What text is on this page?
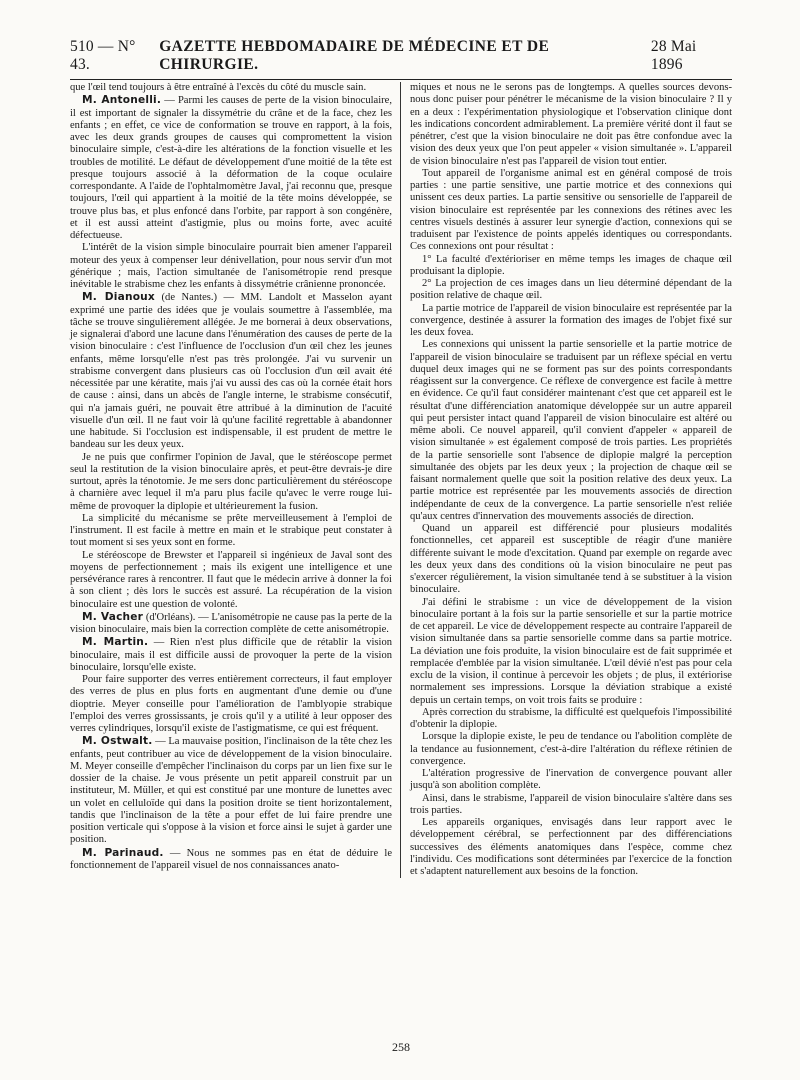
510 — N° 43.
GAZETTE HEBDOMADAIRE DE MÉDECINE ET DE CHIRURGIE.
28 Mai 1896

que l'œil tend toujours à être entraîné à l'excès du côté du muscle sain.

M. Antonelli. — Parmi les causes de perte de la vision binoculaire, il est important de signaler la dissymétrie du crâne et de la face, chez les enfants ; en effet, ce vice de conformation se trouve en rapport, à la fois, avec les deux grands groupes de causes qui compromettent la vision binoculaire simple, c'est-à-dire les altérations de la fonction visuelle et les troubles de motilité. Le défaut de développement d'une moitié de la tête est presque toujours associé à la déformation de la coque oculaire correspondante. A l'aide de l'ophtalmomètre Javal, j'ai reconnu que, presque toujours, l'œil qui appartient à la moitié de la tête moins développée, se trouve plus bas, et plus enfoncé dans l'orbite, par rapport à son congénère, et il est aussi atteint d'astigmie, plus ou moins forte, avec acuité défectueuse.

L'intérêt de la vision simple binoculaire pourrait bien amener l'appareil moteur des yeux à compenser leur dénivellation, pour nous servir d'un mot générique ; mais, l'action simultanée de l'anisométropie rend presque inévitable le strabisme chez les enfants à dissymétrie crânienne prononcée.

M. Dianoux (de Nantes.) — MM. Landolt et Masselon ayant exprimé une partie des idées que je voulais soumettre à l'assemblée, ma tâche se trouve singulièrement allégée. Je me bornerai à deux observations, je signalerai d'abord une lacune dans l'énumération des causes de perte de la vision binoculaire : c'est l'influence de l'occlusion d'un œil chez les jeunes enfants, même lorsqu'elle n'est pas très prolongée. J'ai vu survenir un strabisme convergent dans plusieurs cas où l'occlusion d'un œil avait été nécessitée par une kératite, mais j'ai vu aussi des cas où la cornée était hors de cause : ainsi, dans un abcès de l'angle interne, le strabisme consécutif, qui n'a jamais guéri, ne pouvait être attribué à la diminution de l'acuité visuelle d'un œil. Il ne faut voir là qu'une facilité regrettable à abandonner une habitude. Si l'occlusion est indispensable, il est prudent de mettre le bandeau sur les deux yeux.

Je ne puis que confirmer l'opinion de Javal, que le stéréoscope permet seul la restitution de la vision binoculaire après, et peut-être devrais-je dire surtout, après la ténotomie. Je me sers donc particulièrement du stéréoscope à charnière avec lequel il m'a paru plus facile qu'avec le verre rouge lui-même de provoquer la diplopie et ultérieurement la fusion.

La simplicité du mécanisme se prête merveilleusement à l'emploi de l'instrument. Il est facile à mettre en main et le strabique peut constater à tout moment si ses yeux sont en forme.

Le stéréoscope de Brewster et l'appareil si ingénieux de Javal sont des moyens de perfectionnement ; mais ils exigent une intelligence et une persévérance rares à rencontrer. Il faut que le médecin arrive à donner la foi à son client ; dès lors le succès est assuré. La récupération de la vision binoculaire est une question de volonté.

M. Vacher (d'Orléans). — L'anisométropie ne cause pas la perte de la vision binoculaire, mais bien la correction complète de cette anisométropie.

M. Martin. — Rien n'est plus difficile que de rétablir la vision binoculaire, mais il est difficile aussi de provoquer la perte de la vision binoculaire, lorsqu'elle existe.

Pour faire supporter des verres entièrement correcteurs, il faut employer des verres de plus en plus forts en augmentant d'une demie ou d'une dioptrie. Meyer conseille pour l'amélioration de l'amblyopie strabique l'emploi des verres grossissants, je crois qu'il y a utilité à leur opposer des verres cylindriques, lorsqu'il existe de l'astigmatisme, ce qui est fréquent.

M. Ostwalt. — La mauvaise position, l'inclinaison de la tête chez les enfants, peut contribuer au vice de développement de la vision binoculaire. M. Meyer conseille d'empêcher l'inclinaison du corps par un lien fixe sur le dossier de la chaise. Je vous présente un petit appareil construit par un instituteur, M. Müller, et qui est constitué par une monture de lunettes avec un volet en celluloïde qui dans la position droite se tient horizontalement, tandis que l'inclinaison de la tête a pour effet de lui faire prendre une position verticale qui s'oppose à la vision et force ainsi le sujet à garder une position.

M. Parinaud. — Nous ne sommes pas en état de déduire le fonctionnement de l'appareil visuel de nos connaissances anato-

miques et nous ne le serons pas de longtemps. A quelles sources devons-nous donc puiser pour pénétrer le mécanisme de la vision binoculaire ? Il y en a deux : l'expérimentation physiologique et l'observation clinique dont les indications concordent admirablement. La première vérité dont il faut se pénétrer, c'est que la vision binoculaire ne doit pas être confondue avec la vision des deux yeux que l'on peut appeler « vision simultanée ». L'appareil de vision binoculaire n'est pas l'appareil de vision tout entier.

Tout appareil de l'organisme animal est en général composé de trois parties : une partie sensitive, une partie motrice et des connexions qui unissent ces deux parties. La partie sensitive ou sensorielle de l'appareil de vision binoculaire est représentée par les connexions des rétines avec les centres visuels destinés à assurer leur synergie d'action, connexions qui se traduisent par l'existence de points appelés identiques ou correspondants. Ces connexions ont pour résultat :

1° La faculté d'extérioriser en même temps les images de chaque œil produisant la diplopie.

2° La projection de ces images dans un lieu déterminé dépendant de la position relative de chaque œil.

La partie motrice de l'appareil de vision binoculaire est représentée par la convergence, destinée à assurer la formation des images de l'objet fixé sur les deux fovea.

Les connexions qui unissent la partie sensorielle et la partie motrice de l'appareil de vision binoculaire se traduisent par un réflexe spécial en vertu duquel deux images qui ne se forment pas sur des points correspondants réagissent sur la convergence. Ce réflexe de convergence est facile à mettre en évidence. Ce qu'il faut considérer maintenant c'est que cet appareil est le résultat d'une différenciation anatomique développée sur un autre appareil qui peut persister intact quand l'appareil de vision binoculaire est altéré ou même aboli. Ce nouvel appareil, qu'il convient d'appeler « appareil de vision simultanée » est également composé de trois parties. Les propriétés de la partie sensorielle sont l'absence de diplopie malgré la perception simultanée des objets par les deux yeux ; la projection de chaque œil se faisant normalement quelle que soit la position relative des deux yeux. La partie motrice est représentée par les mouvements associés de direction indépendante de ceux de la convergence. La partie sensorielle n'est reliée qu'aux centres d'innervation des mouvements associés de direction.

Quand un appareil est différencié pour plusieurs modalités fonctionnelles, cet appareil est susceptible de réagir d'une manière différente suivant le mode d'excitation. Quand par exemple on regarde avec les deux yeux dans des conditions où la vision binoculaire ne peut pas s'exercer régulièrement, la vision simultanée tend à se substituer à la vision binoculaire.

J'ai défini le strabisme : un vice de développement de la vision binoculaire portant à la fois sur la partie sensorielle et sur la partie motrice de cet appareil. Le vice de développement respecte au contraire l'appareil de vision simultanée dans sa partie sensorielle comme dans sa partie motrice. La déviation une fois produite, la vision binoculaire est de fait supprimée et remplacée d'emblée par la vision simultanée. L'œil dévié n'est pas pour cela exclu de la vision, il continue à percevoir les objets ; de plus, il extériorise normalement ses impressions. Lorsque la déviation strabique a existé depuis un certain temps, on voit trois faits se produire :

Après correction du strabisme, la difficulté est quelquefois l'impossibilité d'obtenir la diplopie.

Lorsque la diplopie existe, le peu de tendance ou l'abolition complète de la tendance au fusionnement, c'est-à-dire l'altération du réflexe rétinien de convergence.

L'altération progressive de l'inervation de convergence pouvant aller jusqu'à son abolition complète.

Ainsi, dans le strabisme, l'appareil de vision binoculaire s'altère dans ses trois parties.

Les appareils organiques, envisagés dans leur rapport avec le développement cérébral, se perfectionnent par des différenciations successives des éléments anatomiques dans l'espèce, comme chez l'individu. Ces modifications sont déterminées par l'exercice de la fonction et s'adaptent naturellement aux besoins de la fonction.

258
